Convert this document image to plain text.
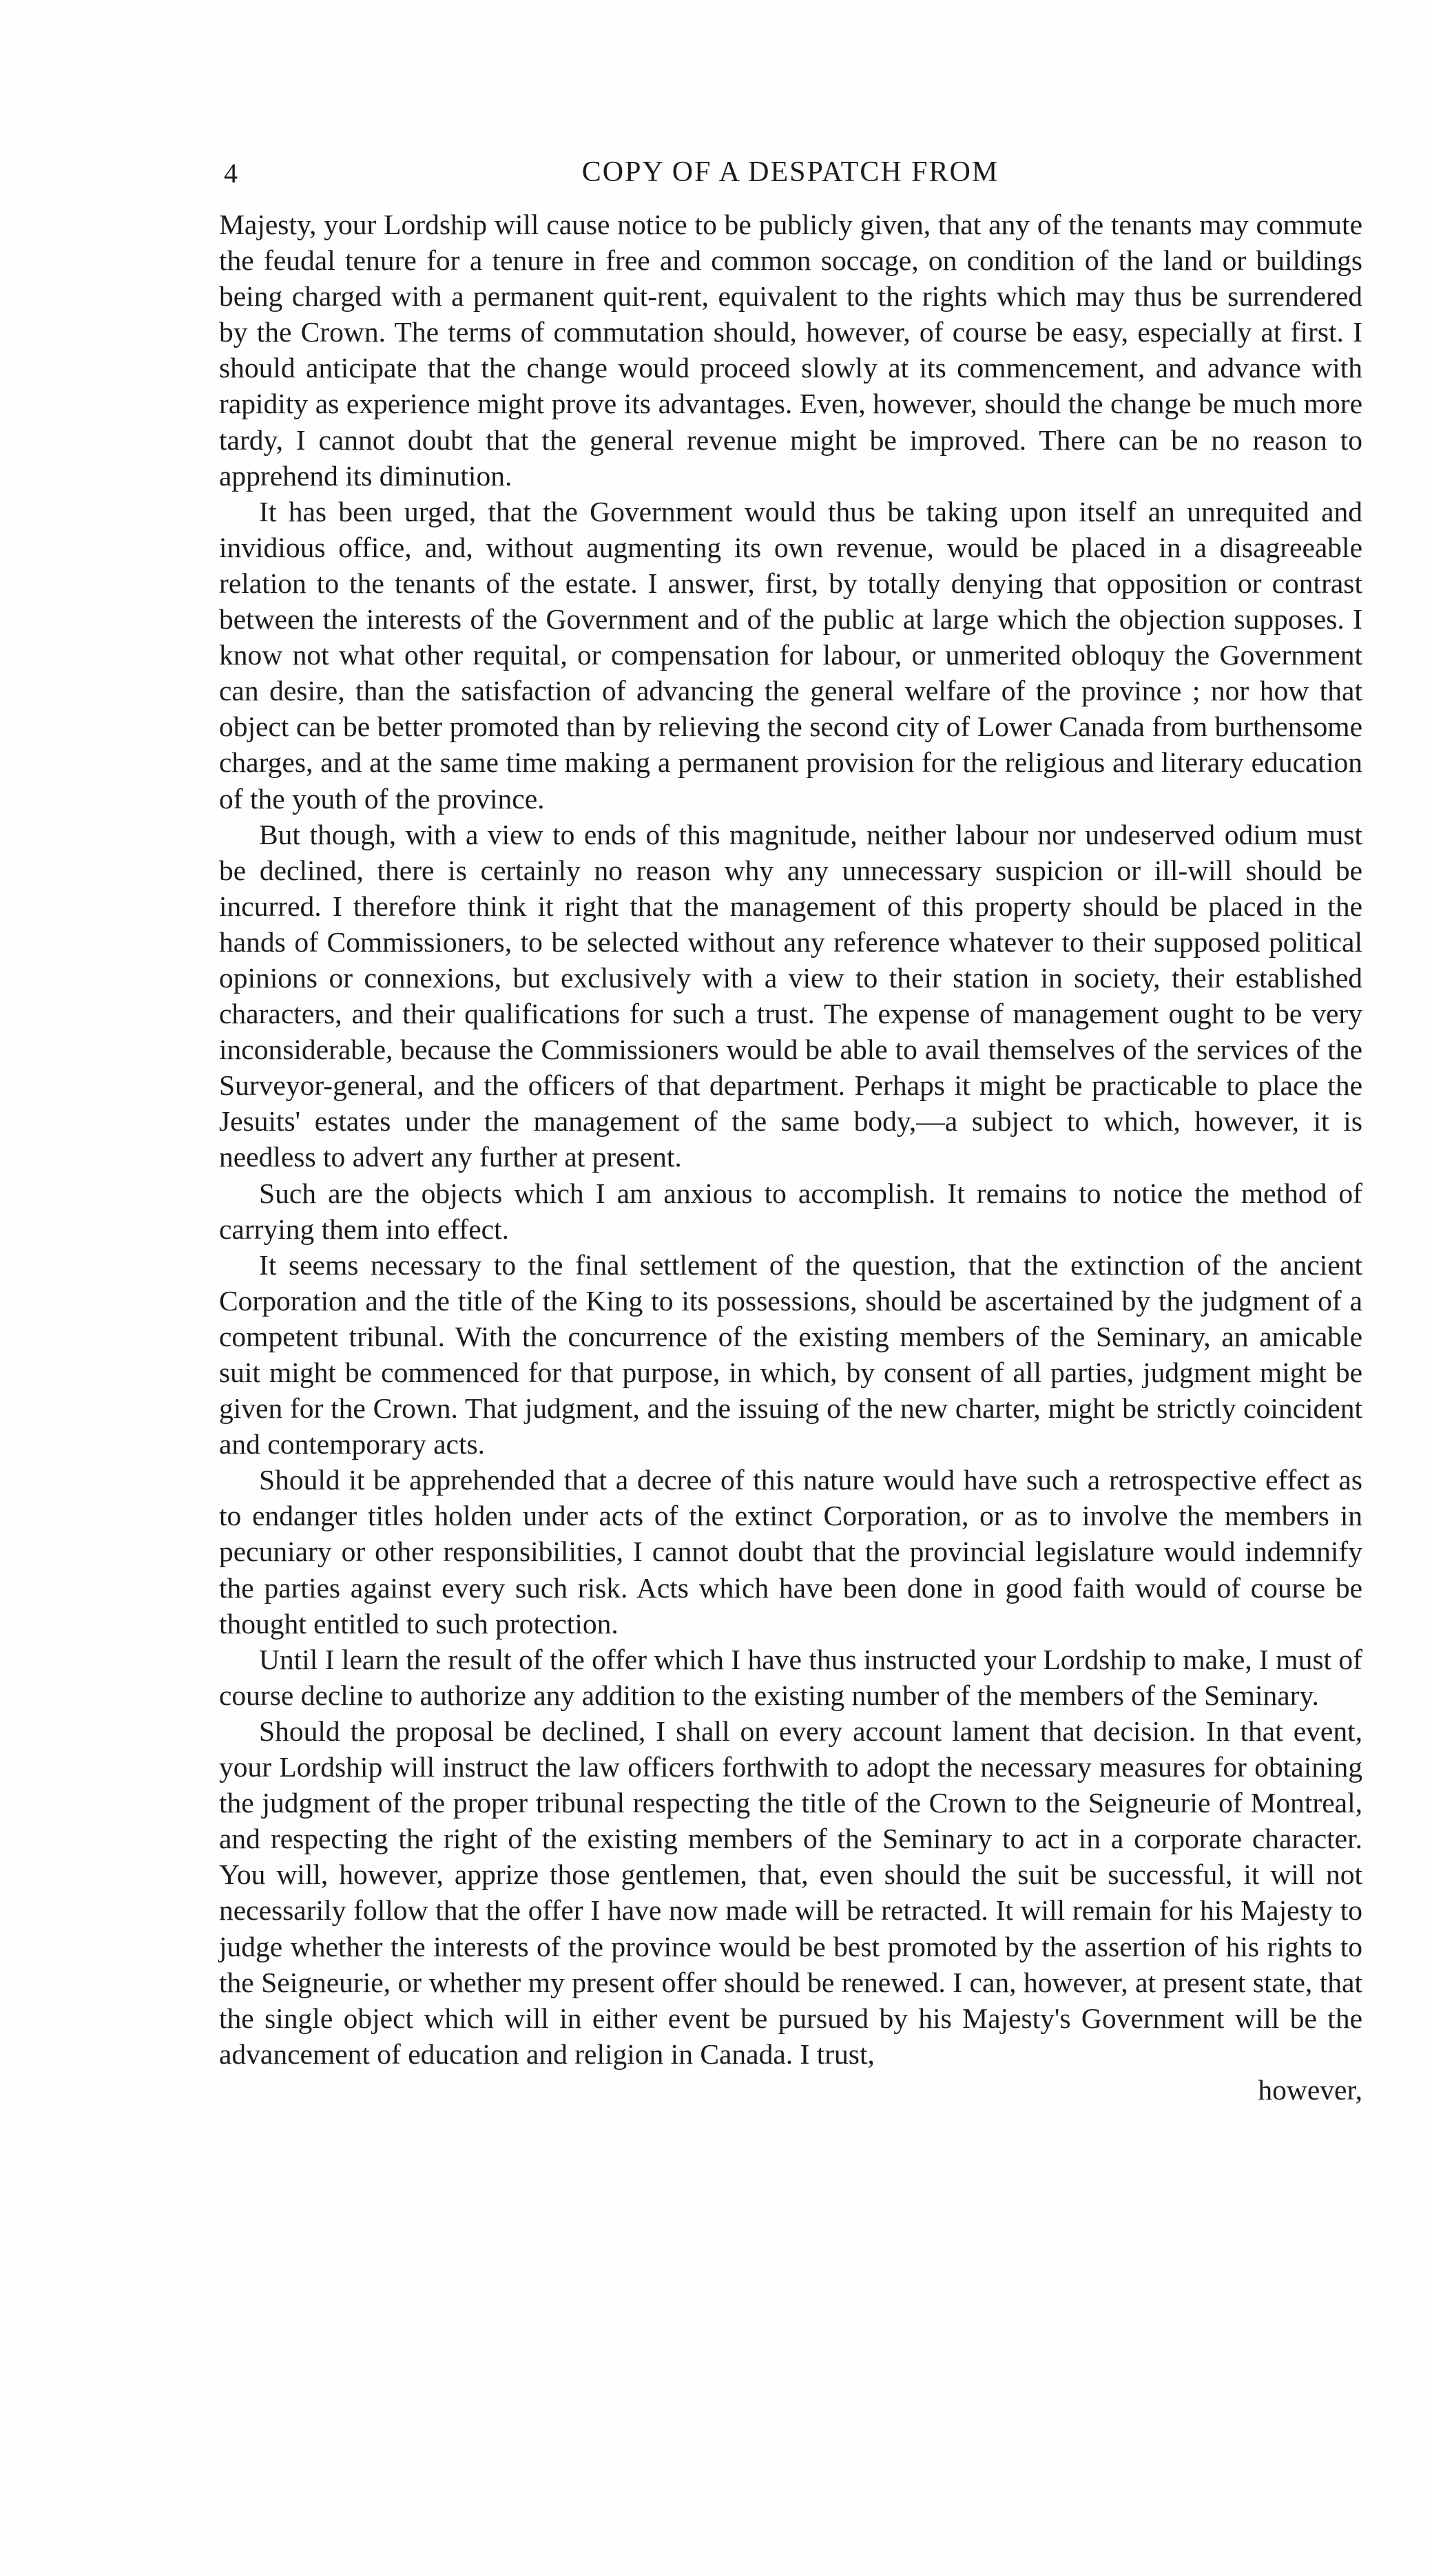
4	COPY OF A DESPATCH FROM

Majesty, your Lordship will cause notice to be publicly given, that any of the tenants may commute the feudal tenure for a tenure in free and common soccage, on condition of the land or buildings being charged with a permanent quit-rent, equivalent to the rights which may thus be surrendered by the Crown. The terms of commutation should, however, of course be easy, especially at first. I should anticipate that the change would proceed slowly at its commencement, and advance with rapidity as experience might prove its advantages. Even, however, should the change be much more tardy, I cannot doubt that the general revenue might be improved. There can be no reason to apprehend its diminution.

It has been urged, that the Government would thus be taking upon itself an unrequited and invidious office, and, without augmenting its own revenue, would be placed in a disagreeable relation to the tenants of the estate. I answer, first, by totally denying that opposition or contrast between the interests of the Government and of the public at large which the objection supposes. I know not what other requital, or compensation for labour, or unmerited obloquy the Government can desire, than the satisfaction of advancing the general welfare of the province ; nor how that object can be better promoted than by relieving the second city of Lower Canada from burthensome charges, and at the same time making a permanent provision for the religious and literary education of the youth of the province.

But though, with a view to ends of this magnitude, neither labour nor undeserved odium must be declined, there is certainly no reason why any unnecessary suspicion or ill-will should be incurred. I therefore think it right that the management of this property should be placed in the hands of Commissioners, to be selected without any reference whatever to their supposed political opinions or connexions, but exclusively with a view to their station in society, their established characters, and their qualifications for such a trust. The expense of management ought to be very inconsiderable, because the Commissioners would be able to avail themselves of the services of the Surveyor-general, and the officers of that department. Perhaps it might be practicable to place the Jesuits' estates under the management of the same body,—a subject to which, however, it is needless to advert any further at present.

Such are the objects which I am anxious to accomplish. It remains to notice the method of carrying them into effect.

It seems necessary to the final settlement of the question, that the extinction of the ancient Corporation and the title of the King to its possessions, should be ascertained by the judgment of a competent tribunal. With the concurrence of the existing members of the Seminary, an amicable suit might be commenced for that purpose, in which, by consent of all parties, judgment might be given for the Crown. That judgment, and the issuing of the new charter, might be strictly coincident and contemporary acts.

Should it be apprehended that a decree of this nature would have such a retrospective effect as to endanger titles holden under acts of the extinct Corporation, or as to involve the members in pecuniary or other responsibilities, I cannot doubt that the provincial legislature would indemnify the parties against every such risk. Acts which have been done in good faith would of course be thought entitled to such protection.

Until I learn the result of the offer which I have thus instructed your Lordship to make, I must of course decline to authorize any addition to the existing number of the members of the Seminary.

Should the proposal be declined, I shall on every account lament that decision. In that event, your Lordship will instruct the law officers forthwith to adopt the necessary measures for obtaining the judgment of the proper tribunal respecting the title of the Crown to the Seigneurie of Montreal, and respecting the right of the existing members of the Seminary to act in a corporate character. You will, however, apprize those gentlemen, that, even should the suit be successful, it will not necessarily follow that the offer I have now made will be retracted. It will remain for his Majesty to judge whether the interests of the province would be best promoted by the assertion of his rights to the Seigneurie, or whether my present offer should be renewed. I can, however, at present state, that the single object which will in either event be pursued by his Majesty's Government will be the advancement of education and religion in Canada. I trust,

however,
